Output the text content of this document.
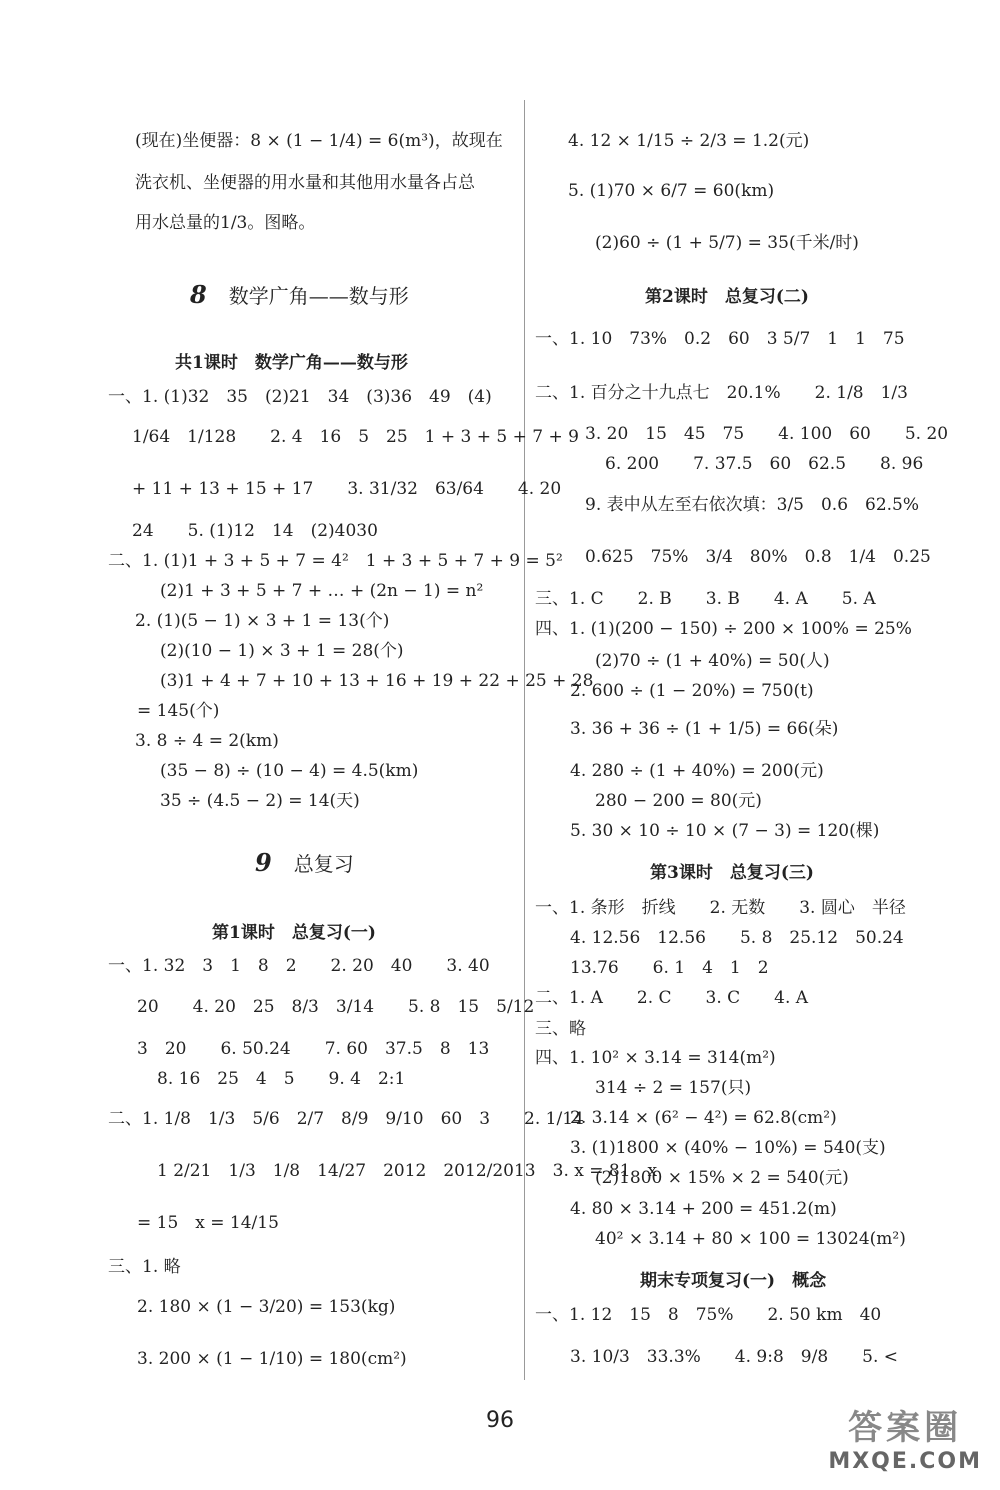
(现在)坐便器：8 × (1 − 1/4) = 6(m³)，故现在
洗衣机、坐便器的用水量和其他用水量各占总
用水总量的1/3。图略。
8 数学广角——数与形
共1课时　数学广角——数与形
一、1. (1)32　35　(2)21　34　(3)36　49　(4)
1/64　1/128　　2. 4　16　5　25　1 + 3 + 5 + 7 + 9
+ 11 + 13 + 15 + 17　　3. 31/32　63/64　　4. 20
24　　5. (1)12　14　(2)4030
二、1. (1)1 + 3 + 5 + 7 = 4²　1 + 3 + 5 + 7 + 9 = 5²
(2)1 + 3 + 5 + 7 + … + (2n − 1) = n²
2. (1)(5 − 1) × 3 + 1 = 13(个)
(2)(10 − 1) × 3 + 1 = 28(个)
(3)1 + 4 + 7 + 10 + 13 + 16 + 19 + 22 + 25 + 28
= 145(个)
3. 8 ÷ 4 = 2(km)
(35 − 8) ÷ (10 − 4) = 4.5(km)
35 ÷ (4.5 − 2) = 14(天)
9 总复习
第1课时　总复习(一)
一、1. 32　3　1　8　2　　2. 20　40　　3. 40
20　　4. 20　25　8/3　3/14　　5. 8　15　5/12
3　20　　6. 50.24　　7. 60　37.5　8　13
8. 16　25　4　5　　9. 4　2:1
二、1. 1/8　1/3　5/6　2/7　8/9　9/10　60　3　　2. 1/14
1 2/21　1/3　1/8　14/27　2012　2012/2013　3. x = 81　x
= 15　x = 14/15
三、1. 略
2. 180 × (1 − 3/20) = 153(kg)
3. 200 × (1 − 1/10) = 180(cm²)
4. 12 × 1/15 ÷ 2/3 = 1.2(元)
5. (1)70 × 6/7 = 60(km)
(2)60 ÷ (1 + 5/7) = 35(千米/时)
第2课时　总复习(二)
一、1. 10　73%　0.2　60　3 5/7　1　1　75
二、1. 百分之十九点七　20.1%　　2. 1/8　1/3
3. 20　15　45　75　　4. 100　60　　5. 20
6. 200　　7. 37.5　60　62.5　　8. 96
9. 表中从左至右依次填：3/5　0.6　62.5%
0.625　75%　3/4　80%　0.8　1/4　0.25
三、1. C　　2. B　　3. B　　4. A　　5. A
四、1. (1)(200 − 150) ÷ 200 × 100% = 25%
(2)70 ÷ (1 + 40%) = 50(人)
2. 600 ÷ (1 − 20%) = 750(t)
3. 36 + 36 ÷ (1 + 1/5) = 66(朵)
4. 280 ÷ (1 + 40%) = 200(元)
280 − 200 = 80(元)
5. 30 × 10 ÷ 10 × (7 − 3) = 120(棵)
第3课时　总复习(三)
一、1. 条形　折线　　2. 无数　　3. 圆心　半径
4. 12.56　12.56　　5. 8　25.12　50.24
13.76　　6. 1　4　1　2
二、1. A　　2. C　　3. C　　4. A
三、略
四、1. 10² × 3.14 = 314(m²)
314 ÷ 2 = 157(只)
2. 3.14 × (6² − 4²) = 62.8(cm²)
3. (1)1800 × (40% − 10%) = 540(支)
(2)1800 × 15% × 2 = 540(元)
4. 80 × 3.14 + 200 = 451.2(m)
40² × 3.14 + 80 × 100 = 13024(m²)
期末专项复习(一)　概念
一、1. 12　15　8　75%　　2. 50 km　40
3. 10/3　33.3%　　4. 9:8　9/8　　5. <
96	答案圈
MXQE.COM
